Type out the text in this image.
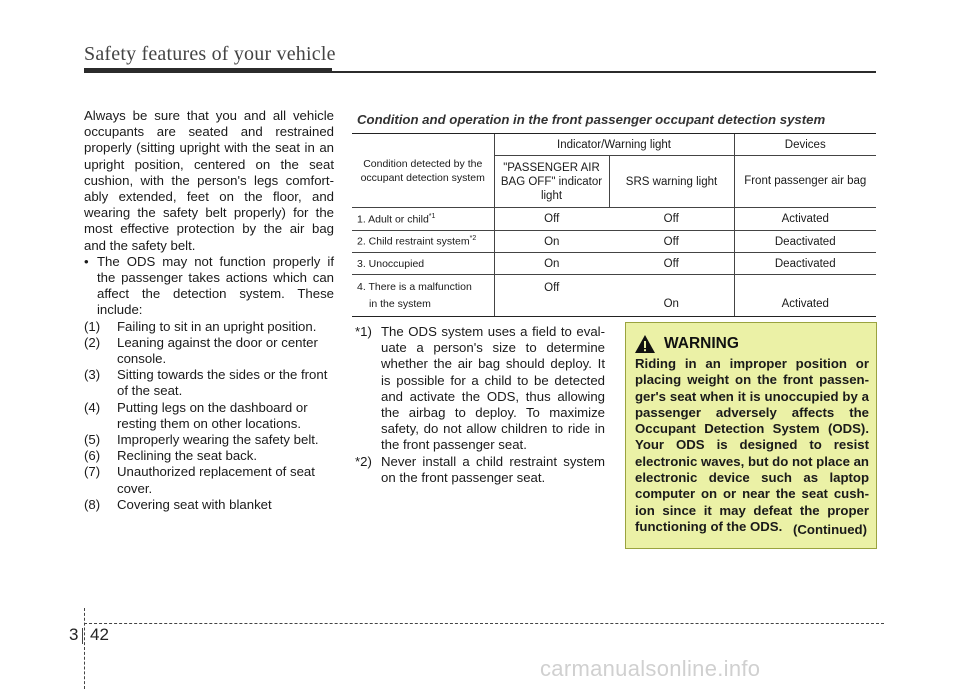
Safety features of your vehicle

Always be sure that you and all vehicle occupants are seated and restrained properly (sitting upright with the seat in an upright position, centered on the seat cushion, with the person's legs comfort- ably extended, feet on the floor, and wearing the safety belt properly) for the most effective protection by the air bag and the safety belt.

• The ODS may not function properly if the passenger takes actions which can affect the detection system. These include:
(1) Failing to sit in an upright position.
(2) Leaning against the door or center console.
(3) Sitting towards the sides or the front of the seat.
(4) Putting legs on the dashboard or resting them on other locations.
(5) Improperly wearing the safety belt.
(6) Reclining the seat back.
(7) Unauthorized replacement of seat cover.
(8) Covering seat with blanket
Condition and operation in the front passenger occupant detection system
Condition detected by the occupant detection system	Indicator/Warning light		Devices
	"PASSENGER AIR BAG OFF" indicator light	SRS warning light	Front passenger air bag
1. Adult or child$^{*1}$	Off	Off	Activated
2. Child restraint system$^{*2}$	On	Off	Deactivated
3. Unoccupied	On	Off	Deactivated

4. There is a malfunction
in the system	Off	On	Activated
*1) The ODS system uses a field to eval- uate a person's size to determine whether the air bag should deploy. It is possible for a child to be detected and activate the ODS, thus allowing the airbag to deploy. To maximize safety, do not allow children to ride in the front passenger seat.
*2) Never install a child restraint system on the front passenger seat.
WARNING
Riding in an improper position or placing weight on the front passen- ger's seat when it is unoccupied by a passenger adversely affects the Occupant Detection System (ODS). Your ODS is designed to resist electronic waves, but do not place an electronic device such as laptop computer on or near the seat cush- ion since it may defeat the proper functioning of the ODS. (Continued)
3 42
carmanualsonline.info
